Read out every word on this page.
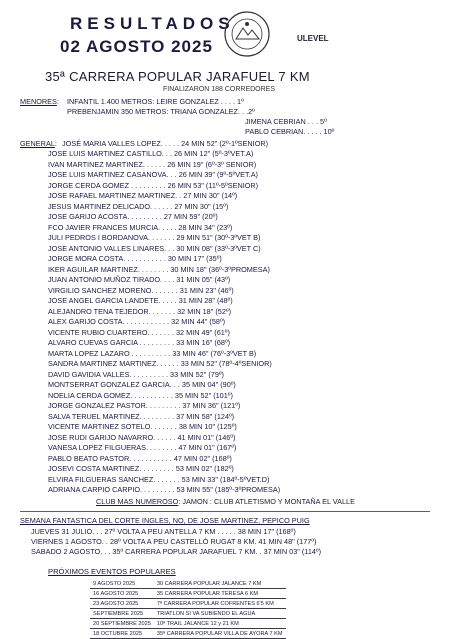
RESULTADOS
02 AGOSTO 2025	ULEVEL
35ª CARRERA POPULAR JARAFUEL 7 KM
FINALIZARON 188 CORREDORES
MENORES: INFANTIL 1.400 METROS: LEIRE GONZALEZ . . . . 1º
PREBENJAMIN 350 METROS: TRIANA GONZALEZ. . .2º
JIMENA CEBRIAN . . . 5º
PABLO CEBRIAN. . . . . 10º
GENERAL: JOSÉ MARIA VALLES LOPEZ. . . . . 24 MIN 52" (2º-1ºSENIOR)
JOSE LUIS MARTINEZ CASTILLO. . . 26 MIN 12" (5º-3ºVET.A)
IVAN MARTINEZ MARTINEZ. . . . . . 26 MIN 19" (6º-3º SENIOR)
JOSE LUIS MARTINEZ CASANOVA. . . 26 MIN 39" (9º-5ºVET.A)
JORGE CERDA GOMEZ . . . . . . . . . 26 MIN 53" (11º-5ºSENIOR)
JOSE RAFAEL MARTINEZ MARTINEZ. . 27 MIN 30" (14º)
JESUS MARTINEZ DELICADO. . . . . . 27 MIN 30" (15º)
JOSE GARIJO ACOSTA. . . . . . . . . 27 MIN 59" (20º)
FCO JAVIER FRANCES MURCIA. . . . . 28 MIN 34" (23º)
JULI PEDROS I BORDANOVA. . . . . . . 29 MIN 51" (30º-3ºVET B)
JOSE ANTONIO VALLES LINARES. . . 30 MIN 08" (33º-3ºVET C)
JORGE MORA COSTA. . . . . . . . . . . 30 MIN 17" (35º)
IKER AGUILAR MARTINEZ. . . . . . . . 30 MIN 18" (36º-3ºPROMESA)
JUAN ANTONIO MUÑOZ TIRADO. . . . 31 MIN 05" (43º)
VIRGILIO SANCHEZ MORENO. . . . . . . 31 MIN 23" (46º)
JOSE ANGEL GARCIA LANDETE. . . . . 31 MIN 28" (48º)
ALEJANDRO TENA TEJEDOR. . . . . . . 32 MIN 18" (52º)
ALEX GARIJO COSTA. . . . . . . . . . . . 32 MIN 44" (58º)
VICENTE RUBIO CUARTERO. . . . . . . 32 MIN 49" (61º)
ALVARO CUEVAS GARCIA . . . . . . . . . 33 MIN 16" (68º)
MARTA LOPEZ LAZARO . . . . . . . . . . 33 MIN 46" (76º-3ºVET B)
SANDRA MARTINEZ MARTINEZ. . . . . . 33 MIN 52" (78º-4ºSENIOR)
DAVID GAVIDIA VALLES. . . . . . . . . . 33 MIN 52" (79º)
MONTSERRAT GONZALEZ GARCIA. . . 35 MIN 04" (90º)
NOELIA CERDA GOMEZ. . . . . . . . . . . 35 MIN 52" (101º)
JORGE GONZALEZ PASTOR. . . . . . . . . 37 MIN 36" (121º)
SALVA TERUEL MARTINEZ. . . . . . . . . 37 MIN 58" (124º)
VICENTE MARTINEZ SOTELO. . . . . . . 38 MIN 10" (125º)
JOSE RUDI GARIJO NAVARRO. . . . . . 41 MIN 01" (146º)
VANESA LOPEZ FILGUERAS. . . . . . . . 47 MIN 01" (167º)
PABLO BEATO PASTOR. . . . . . . . . . . 47 MIN 02" (168º)
JOSEVI COSTA MARTINEZ. . . . . . . . . 53 MIN 02" (182º)
ELVIRA FILGUERAS SANCHEZ. . . . . . . 53 MIN 33" (184º-5ºVET.D)
ADRIANA CARPIO CARPIO. . . . . . . . . 53 MIN 55" (185º-3ºPROMESA)
CLUB MAS NUMEROSO: JAMON : CLUB ATLETISMO Y MONTAÑA EL VALLE
SEMANA FANTASTICA DEL CORTE INGLES, NO, DE JOSE MARTINEZ, PEPICO PUIG
JUEVES 31 JULIO. . . 27º VOLTA A PEU ANTELLA 7 KM . . . . . 38 MIN 17" (168º)
VIERNES 1 AGOSTO. . 28º VOLTA A PEU CASTELLÓ RUGAT 8 KM. 41 MIN 48" (177º)
SABADO 2 AGOSTO. . . 35º CARRERA POPULAR JARAFUEL 7 KM. . 37 MIN 03" (114º)
PRÓXIMOS EVENTOS POPULARES
9 AGOSTO 2025	30 CARRERA POPULAR JALANCE 7 KM
16 AGOSTO 2025	35 CARRERA POPULAR TERESA 6 KM
23 AGOSTO 2025	7ª CARRERA POPULAR COFRENTES 6'5 KM
SEPTIEMBRE 2025	TRIATLON SI VA SUBIENDO EL AGUA
20 SEPTIEMBRE 2025	10ª TRAIL JALANCE 12 y 21 KM
18 OCTUBRE 2025	35ª CARRERA POPULAR VILLA DE AYORA 7 KM
